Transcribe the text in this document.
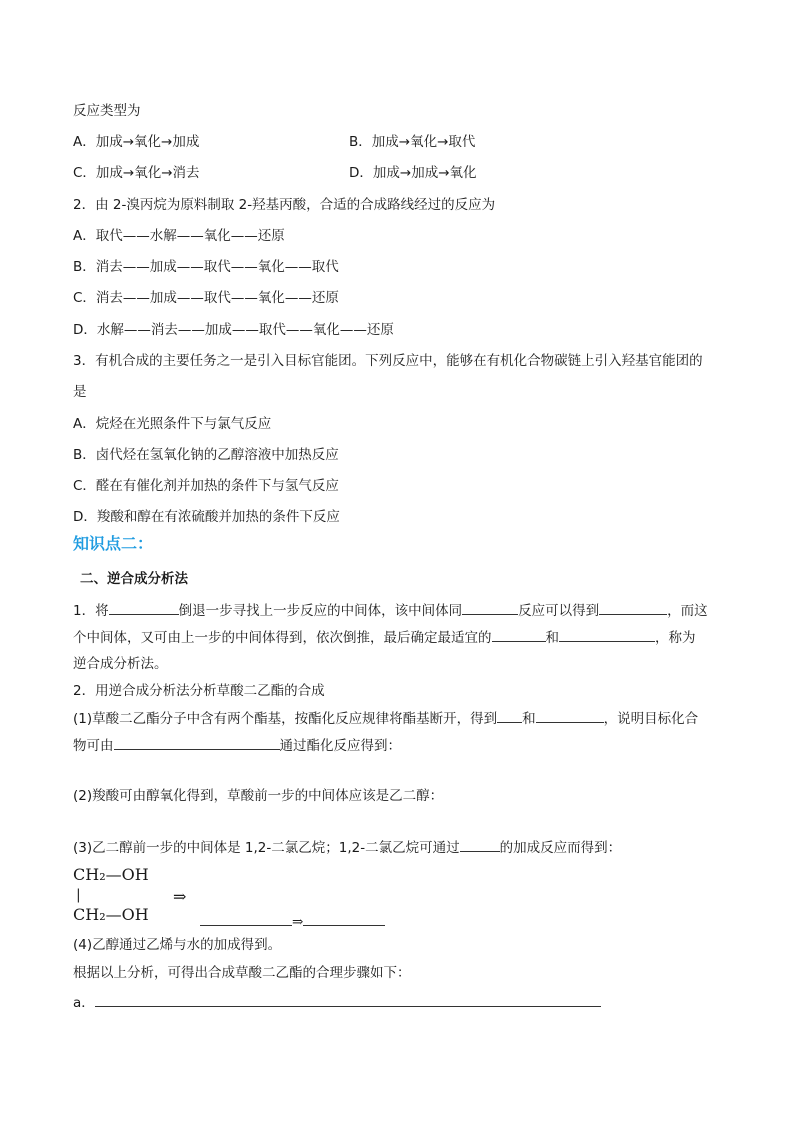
反应类型为
A．加成→氧化→加成	B．加成→氧化→取代
C．加成→氧化→消去	D．加成→加成→氧化
2．由 2-溴丙烷为原料制取 2-羟基丙酸，合适的合成路线经过的反应为
A．取代——水解——氧化——还原
B．消去——加成——取代——氧化——取代
C．消去——加成——取代——氧化——还原
D．水解——消去——加成——取代——氧化——还原
3．有机合成的主要任务之一是引入目标官能团。下列反应中，能够在有机化合物碳链上引入羟基官能团的
是
A．烷烃在光照条件下与氯气反应
B．卤代烃在氢氧化钠的乙醇溶液中加热反应
C．醛在有催化剂并加热的条件下与氢气反应
D．羧酸和醇在有浓硫酸并加热的条件下反应
知识点二：
二、逆合成分析法
1．将	倒退一步寻找上一步反应的中间体，该中间体同	反应可以得到	，而这
个中间体，又可由上一步的中间体得到，依次倒推，最后确定最适宜的	和	，称为
逆合成分析法。
2．用逆合成分析法分析草酸二乙酯的合成
(1)草酸二乙酯分子中含有两个酯基，按酯化反应规律将酯基断开，得到 和	，说明目标化合
物可由	通过酯化反应得到：
(2)羧酸可由醇氧化得到，草酸前一步的中间体应该是乙二醇：
(3)乙二醇前一步的中间体是 1,2-二氯乙烷；1,2-二氯乙烷可通过	的加成反应而得到：
CH₂—OH
|
CH₂—OH
⇒
⇒
(4)乙醇通过乙烯与水的加成得到。
根据以上分析，可得出合成草酸二乙酯的合理步骤如下：
a．
